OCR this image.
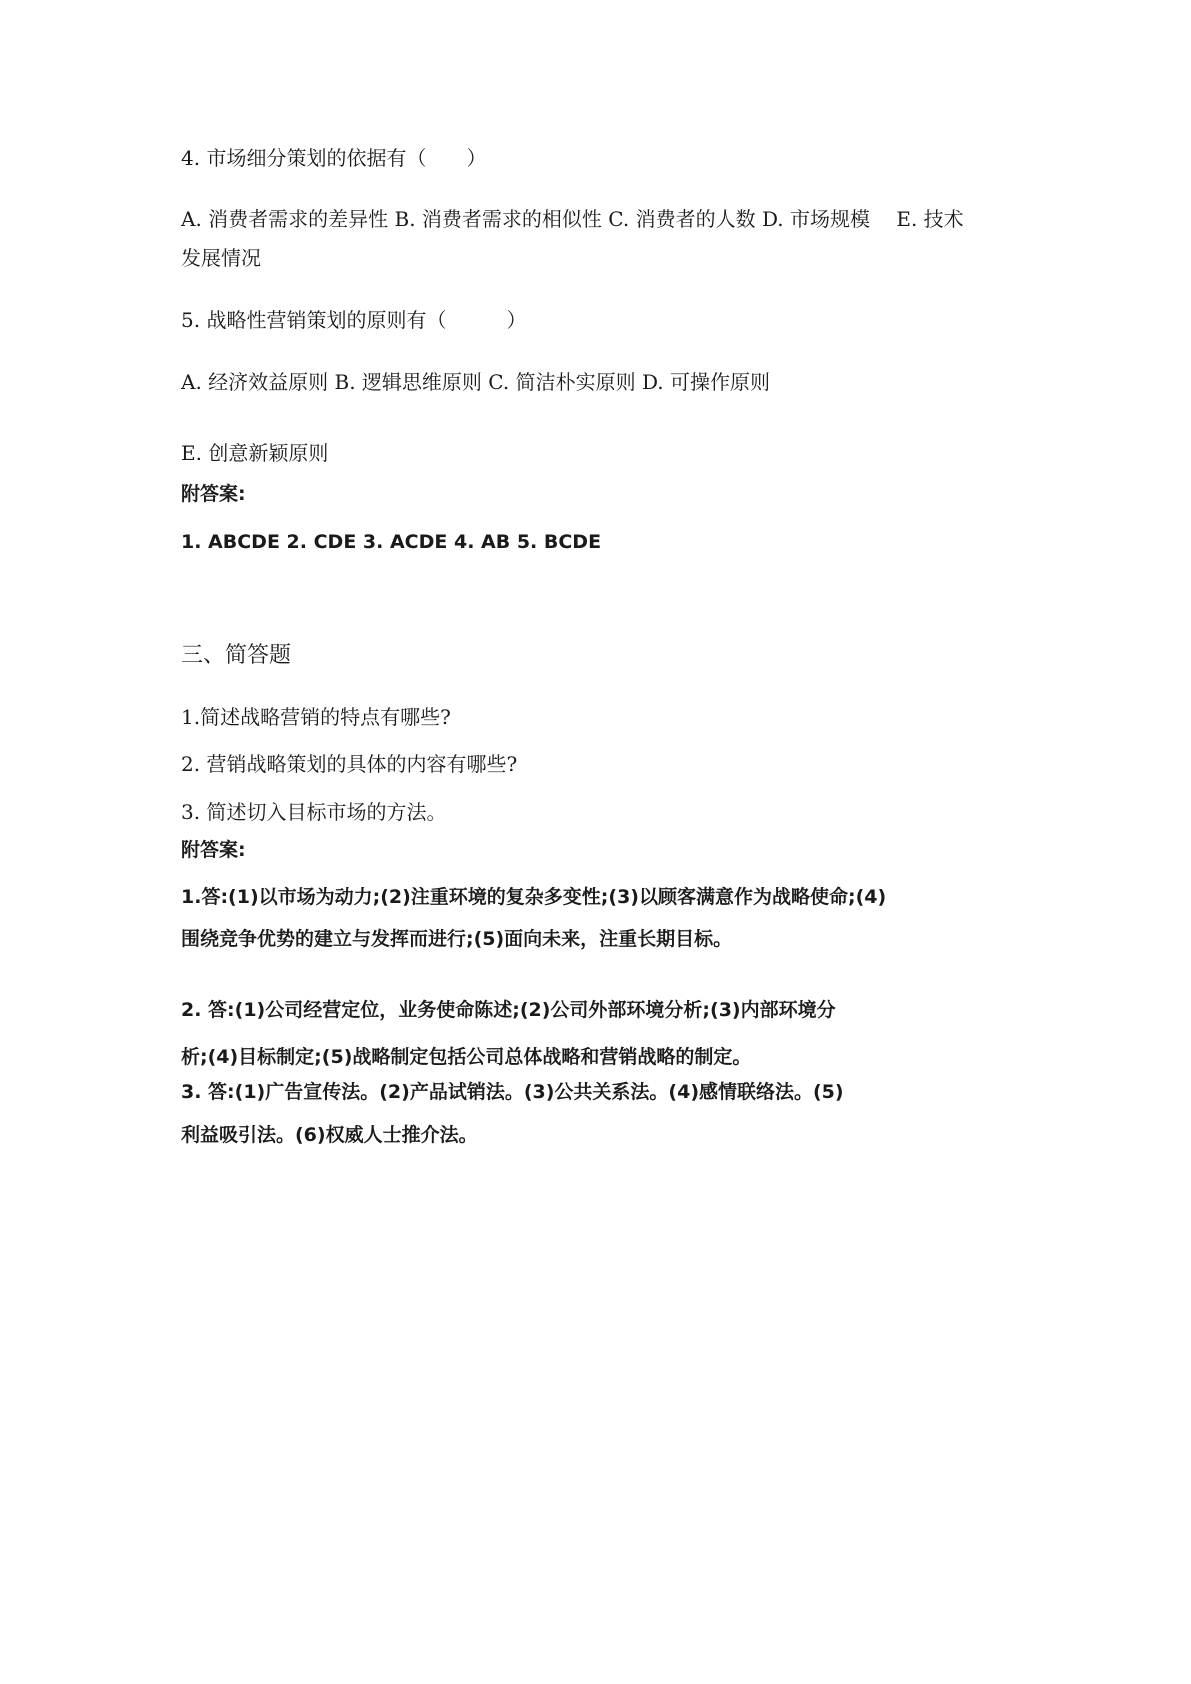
4. 市场细分策划的依据有（　　）
A. 消费者需求的差异性 B. 消费者需求的相似性 C. 消费者的人数 D. 市场规模　 E. 技术
发展情况
5. 战略性营销策划的原则有（　　　）
A. 经济效益原则 B. 逻辑思维原则 C. 简洁朴实原则 D. 可操作原则
E. 创意新颖原则
附答案:
1. ABCDE 2. CDE 3. ACDE 4. AB 5. BCDE
三、简答题
1.简述战略营销的特点有哪些?
2. 营销战略策划的具体的内容有哪些?
3. 简述切入目标市场的方法。
附答案:
1.答:(1)以市场为动力;(2)注重环境的复杂多变性;(3)以顾客满意作为战略使命;(4)
围绕竞争优势的建立与发挥而进行;(5)面向未来，注重长期目标。
2. 答:(1)公司经营定位，业务使命陈述;(2)公司外部环境分析;(3)内部环境分
析;(4)目标制定;(5)战略制定包括公司总体战略和营销战略的制定。
3. 答:(1)广告宣传法。(2)产品试销法。(3)公共关系法。(4)感情联络法。(5)
利益吸引法。(6)权威人士推介法。
